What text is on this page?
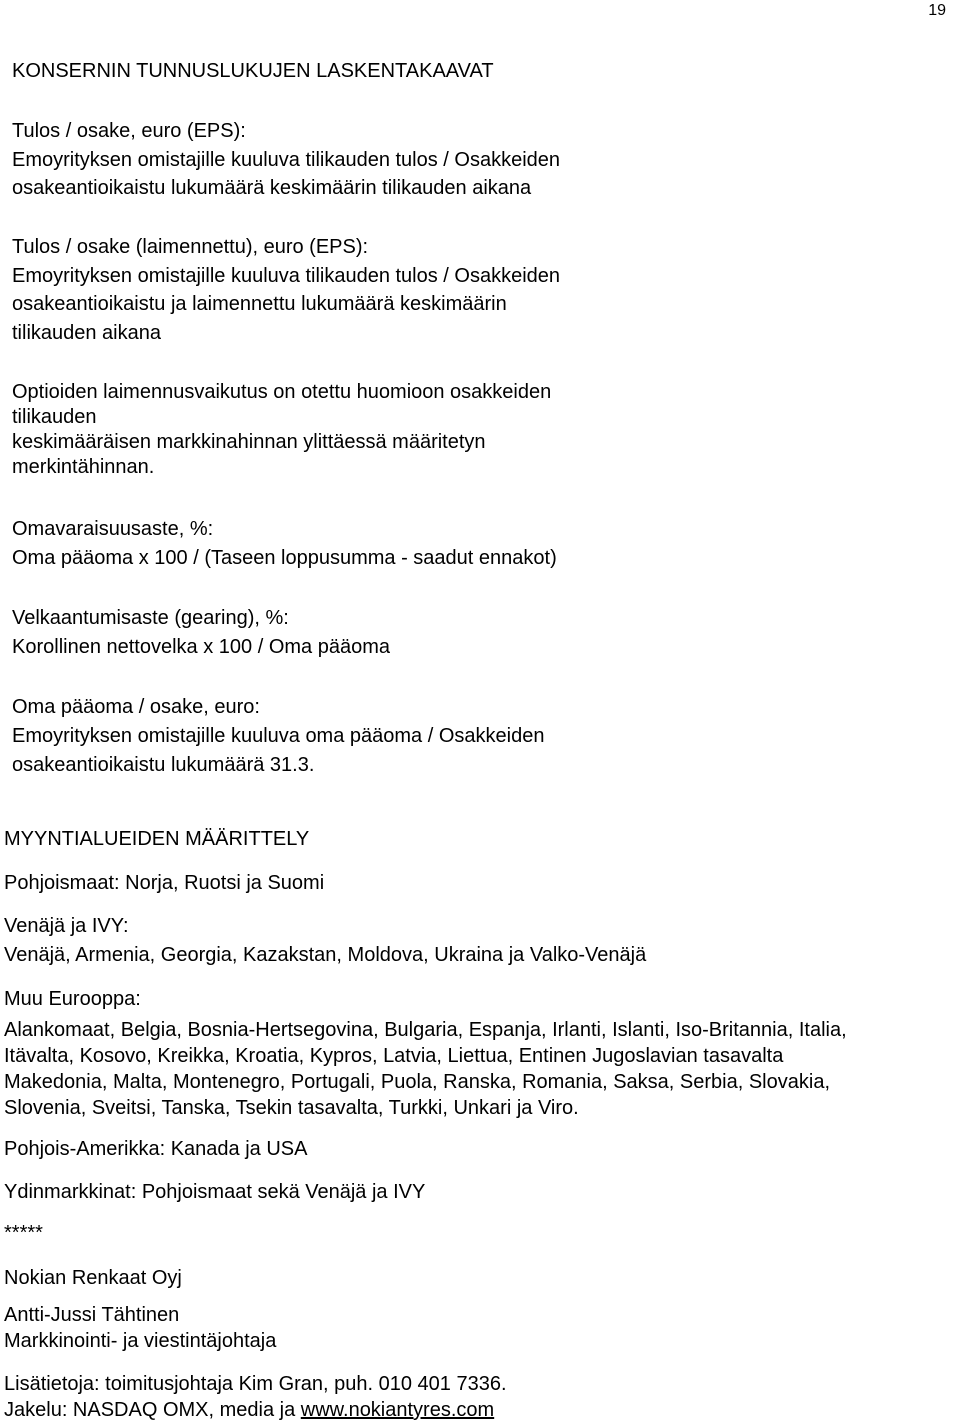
19
KONSERNIN TUNNUSLUKUJEN LASKENTAKAAVAT
Tulos / osake, euro (EPS):
Emoyrityksen omistajille kuuluva tilikauden tulos / Osakkeiden
osakeantioikaistu lukumäärä keskimäärin tilikauden aikana
Tulos / osake (laimennettu), euro (EPS):
Emoyrityksen omistajille kuuluva tilikauden tulos / Osakkeiden
osakeantioikaistu ja laimennettu lukumäärä keskimäärin
tilikauden aikana
Optioiden laimennusvaikutus on otettu huomioon osakkeiden
tilikauden
keskimääräisen markkinahinnan ylittäessä määritetyn
merkintähinnan.
Omavaraisuusaste, %:
Oma pääoma x 100 / (Taseen loppusumma - saadut ennakot)
Velkaantumisaste (gearing), %:
Korollinen nettovelka x 100 / Oma pääoma
Oma pääoma / osake, euro:
Emoyrityksen omistajille kuuluva oma pääoma / Osakkeiden
osakeantioikaistu lukumäärä 31.3.
MYYNTIALUEIDEN MÄÄRITTELY
Pohjoismaat: Norja, Ruotsi ja Suomi
Venäjä ja IVY:
Venäjä, Armenia, Georgia, Kazakstan, Moldova, Ukraina ja Valko-Venäjä
Muu Eurooppa:
Alankomaat, Belgia, Bosnia-Hertsegovina, Bulgaria, Espanja, Irlanti, Islanti, Iso-Britannia, Italia,
Itävalta, Kosovo, Kreikka, Kroatia, Kypros, Latvia, Liettua, Entinen Jugoslavian tasavalta
Makedonia, Malta, Montenegro, Portugali, Puola, Ranska, Romania, Saksa, Serbia, Slovakia,
Slovenia, Sveitsi, Tanska, Tsekin tasavalta, Turkki, Unkari ja Viro.
Pohjois-Amerikka: Kanada ja USA
Ydinmarkkinat: Pohjoismaat sekä Venäjä ja IVY
*****
Nokian Renkaat Oyj
Antti-Jussi Tähtinen
Markkinointi- ja viestintäjohtaja
Lisätietoja: toimitusjohtaja Kim Gran, puh. 010 401 7336.
Jakelu: NASDAQ OMX, media ja www.nokiantyres.com
